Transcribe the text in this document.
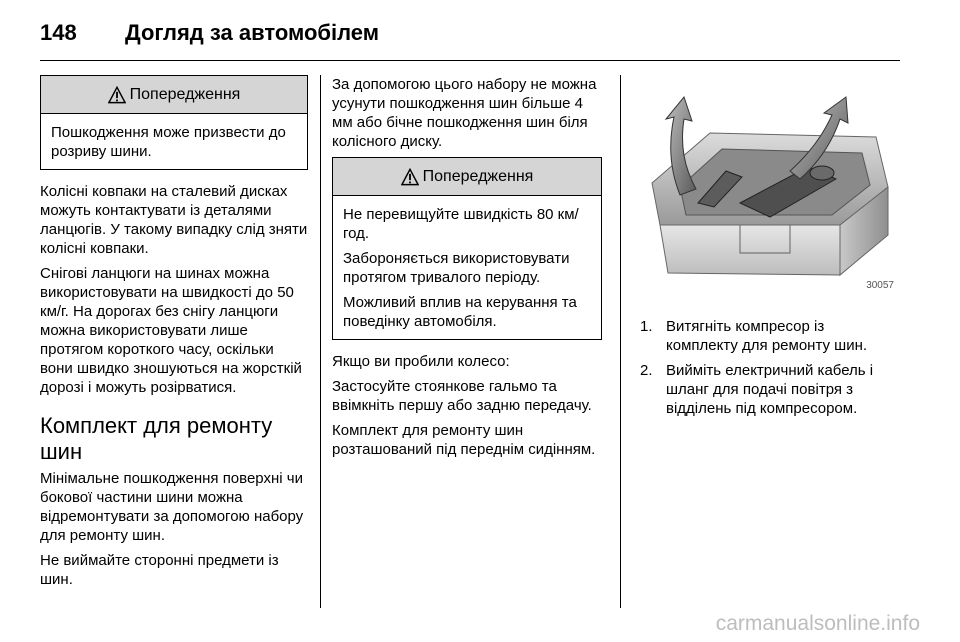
148 Догляд за автомобілем
Попередження

Пошкодження може призвести до розриву шини.

Колісні ковпаки на сталевий дисках можуть контактувати із деталями ланцюгів. У такому випадку слід зняти колісні ковпаки.

Снігові ланцюги на шинах можна використовувати на швидкості до 50 км/г. На дорогах без снігу ланцюги можна використовувати лише протягом короткого часу, оскільки вони швидко зношуються на жорсткій дорозі і можуть розірватися.

Комплект для ремонту шин

Мінімальне пошкодження поверхні чи бокової частини шини можна відремонтувати за допомогою набору для ремонту шин.

Не виймайте сторонні предмети із шин.

За допомогою цього набору не можна усунути пошкодження шин більше 4 мм або бічне пошкодження шин біля колісного диску.

Попередження

Не перевищуйте швидкість 80 км/год.

Забороняється використовувати протягом тривалого періоду.

Можливий вплив на керування та поведінку автомобіля.

Якщо ви пробили колесо:

Застосуйте стоянкове гальмо та ввімкніть першу або задню передачу.

Комплект для ремонту шин розташований під переднім сидінням.

30057
1. Витягніть компресор із комплекту для ремонту шин.
2. Вийміть електричний кабель і шланг для подачі повітря з відділень під компресором.
carmanualsonline.info
